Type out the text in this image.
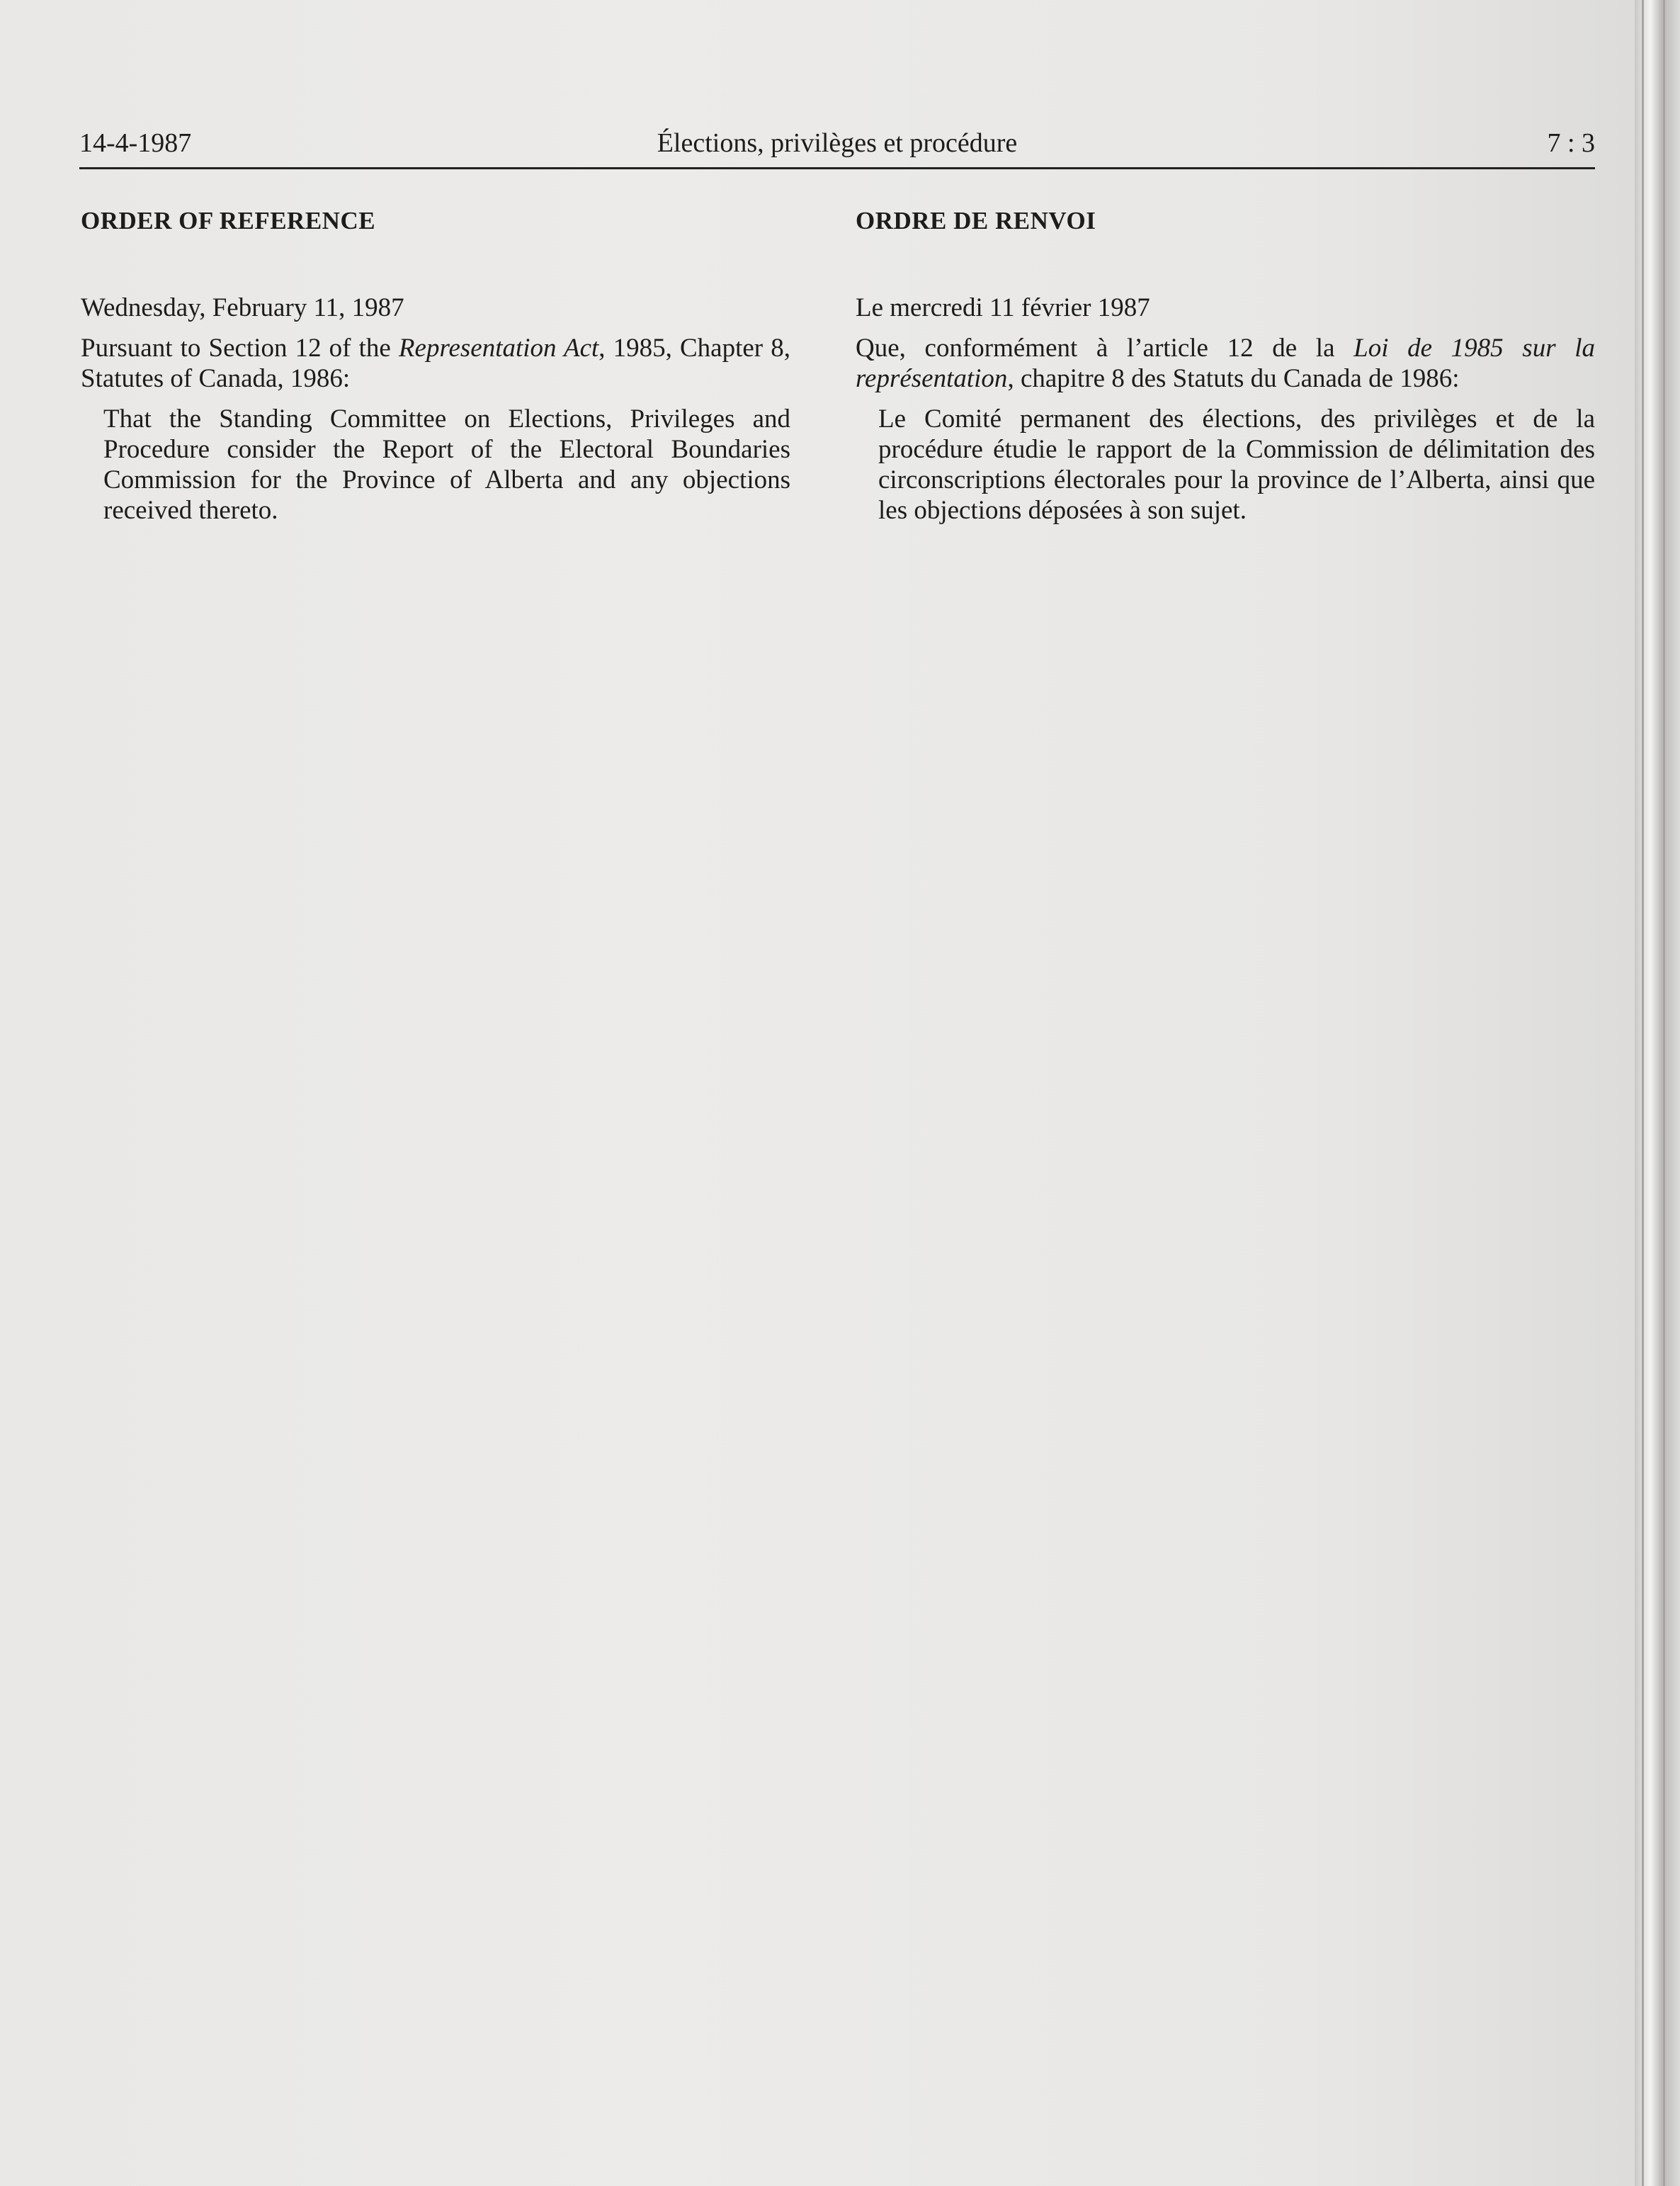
14-4-1987	Élections, privilèges et procédure	7 : 3

ORDER OF REFERENCE

Wednesday, February 11, 1987

Pursuant to Section 12 of the Representation Act, 1985, Chapter 8, Statutes of Canada, 1986:

That the Standing Committee on Elections, Privileges and Procedure consider the Report of the Electoral Boundaries Commission for the Province of Alberta and any objections received thereto.

ORDRE DE RENVOI

Le mercredi 11 février 1987

Que, conformément à l’article 12 de la Loi de 1985 sur la représentation, chapitre 8 des Statuts du Canada de 1986:

Le Comité permanent des élections, des privilèges et de la procédure étudie le rapport de la Commission de délimitation des circonscriptions électorales pour la province de l’Alberta, ainsi que les objections déposées à son sujet.
